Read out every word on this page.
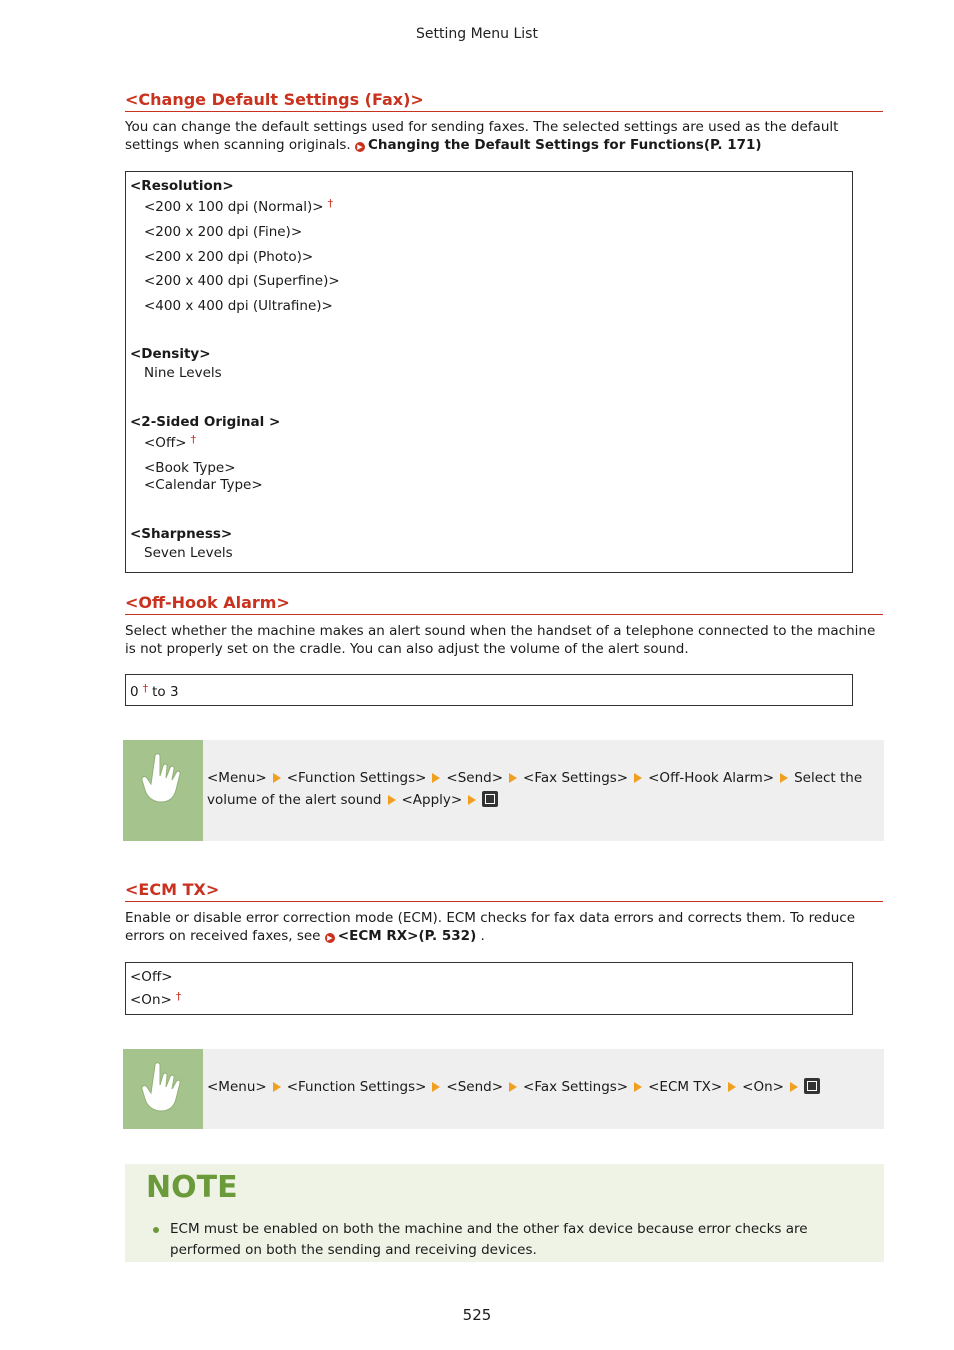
Setting Menu List
<Change Default Settings (Fax)>
You can change the default settings used for sending faxes. The selected settings are used as the default settings when scanning originals. ▶ Changing the Default Settings for Functions(P. 171)
<Resolution>
<200 x 100 dpi (Normal)> †
<200 x 200 dpi (Fine)>
<200 x 200 dpi (Photo)>
<200 x 400 dpi (Superfine)>
<400 x 400 dpi (Ultrafine)>
<Density>
Nine Levels
<2-Sided Original >
<Off> †
<Book Type>
<Calendar Type>
<Sharpness>
Seven Levels
<Off-Hook Alarm>
Select whether the machine makes an alert sound when the handset of a telephone connected to the machine is not properly set on the cradle. You can also adjust the volume of the alert sound.
0 † to 3
<Menu> <Function Settings> <Send> <Fax Settings> <Off-Hook Alarm> Select the volume of the alert sound <Apply>
<ECM TX>
Enable or disable error correction mode (ECM). ECM checks for fax data errors and corrects them. To reduce errors on received faxes, see ▶ <ECM RX>(P. 532) .
<Off>
<On> †
<Menu> <Function Settings> <Send> <Fax Settings> <ECM TX> <On>
NOTE
ECM must be enabled on both the machine and the other fax device because error checks are performed on both the sending and receiving devices.
525
